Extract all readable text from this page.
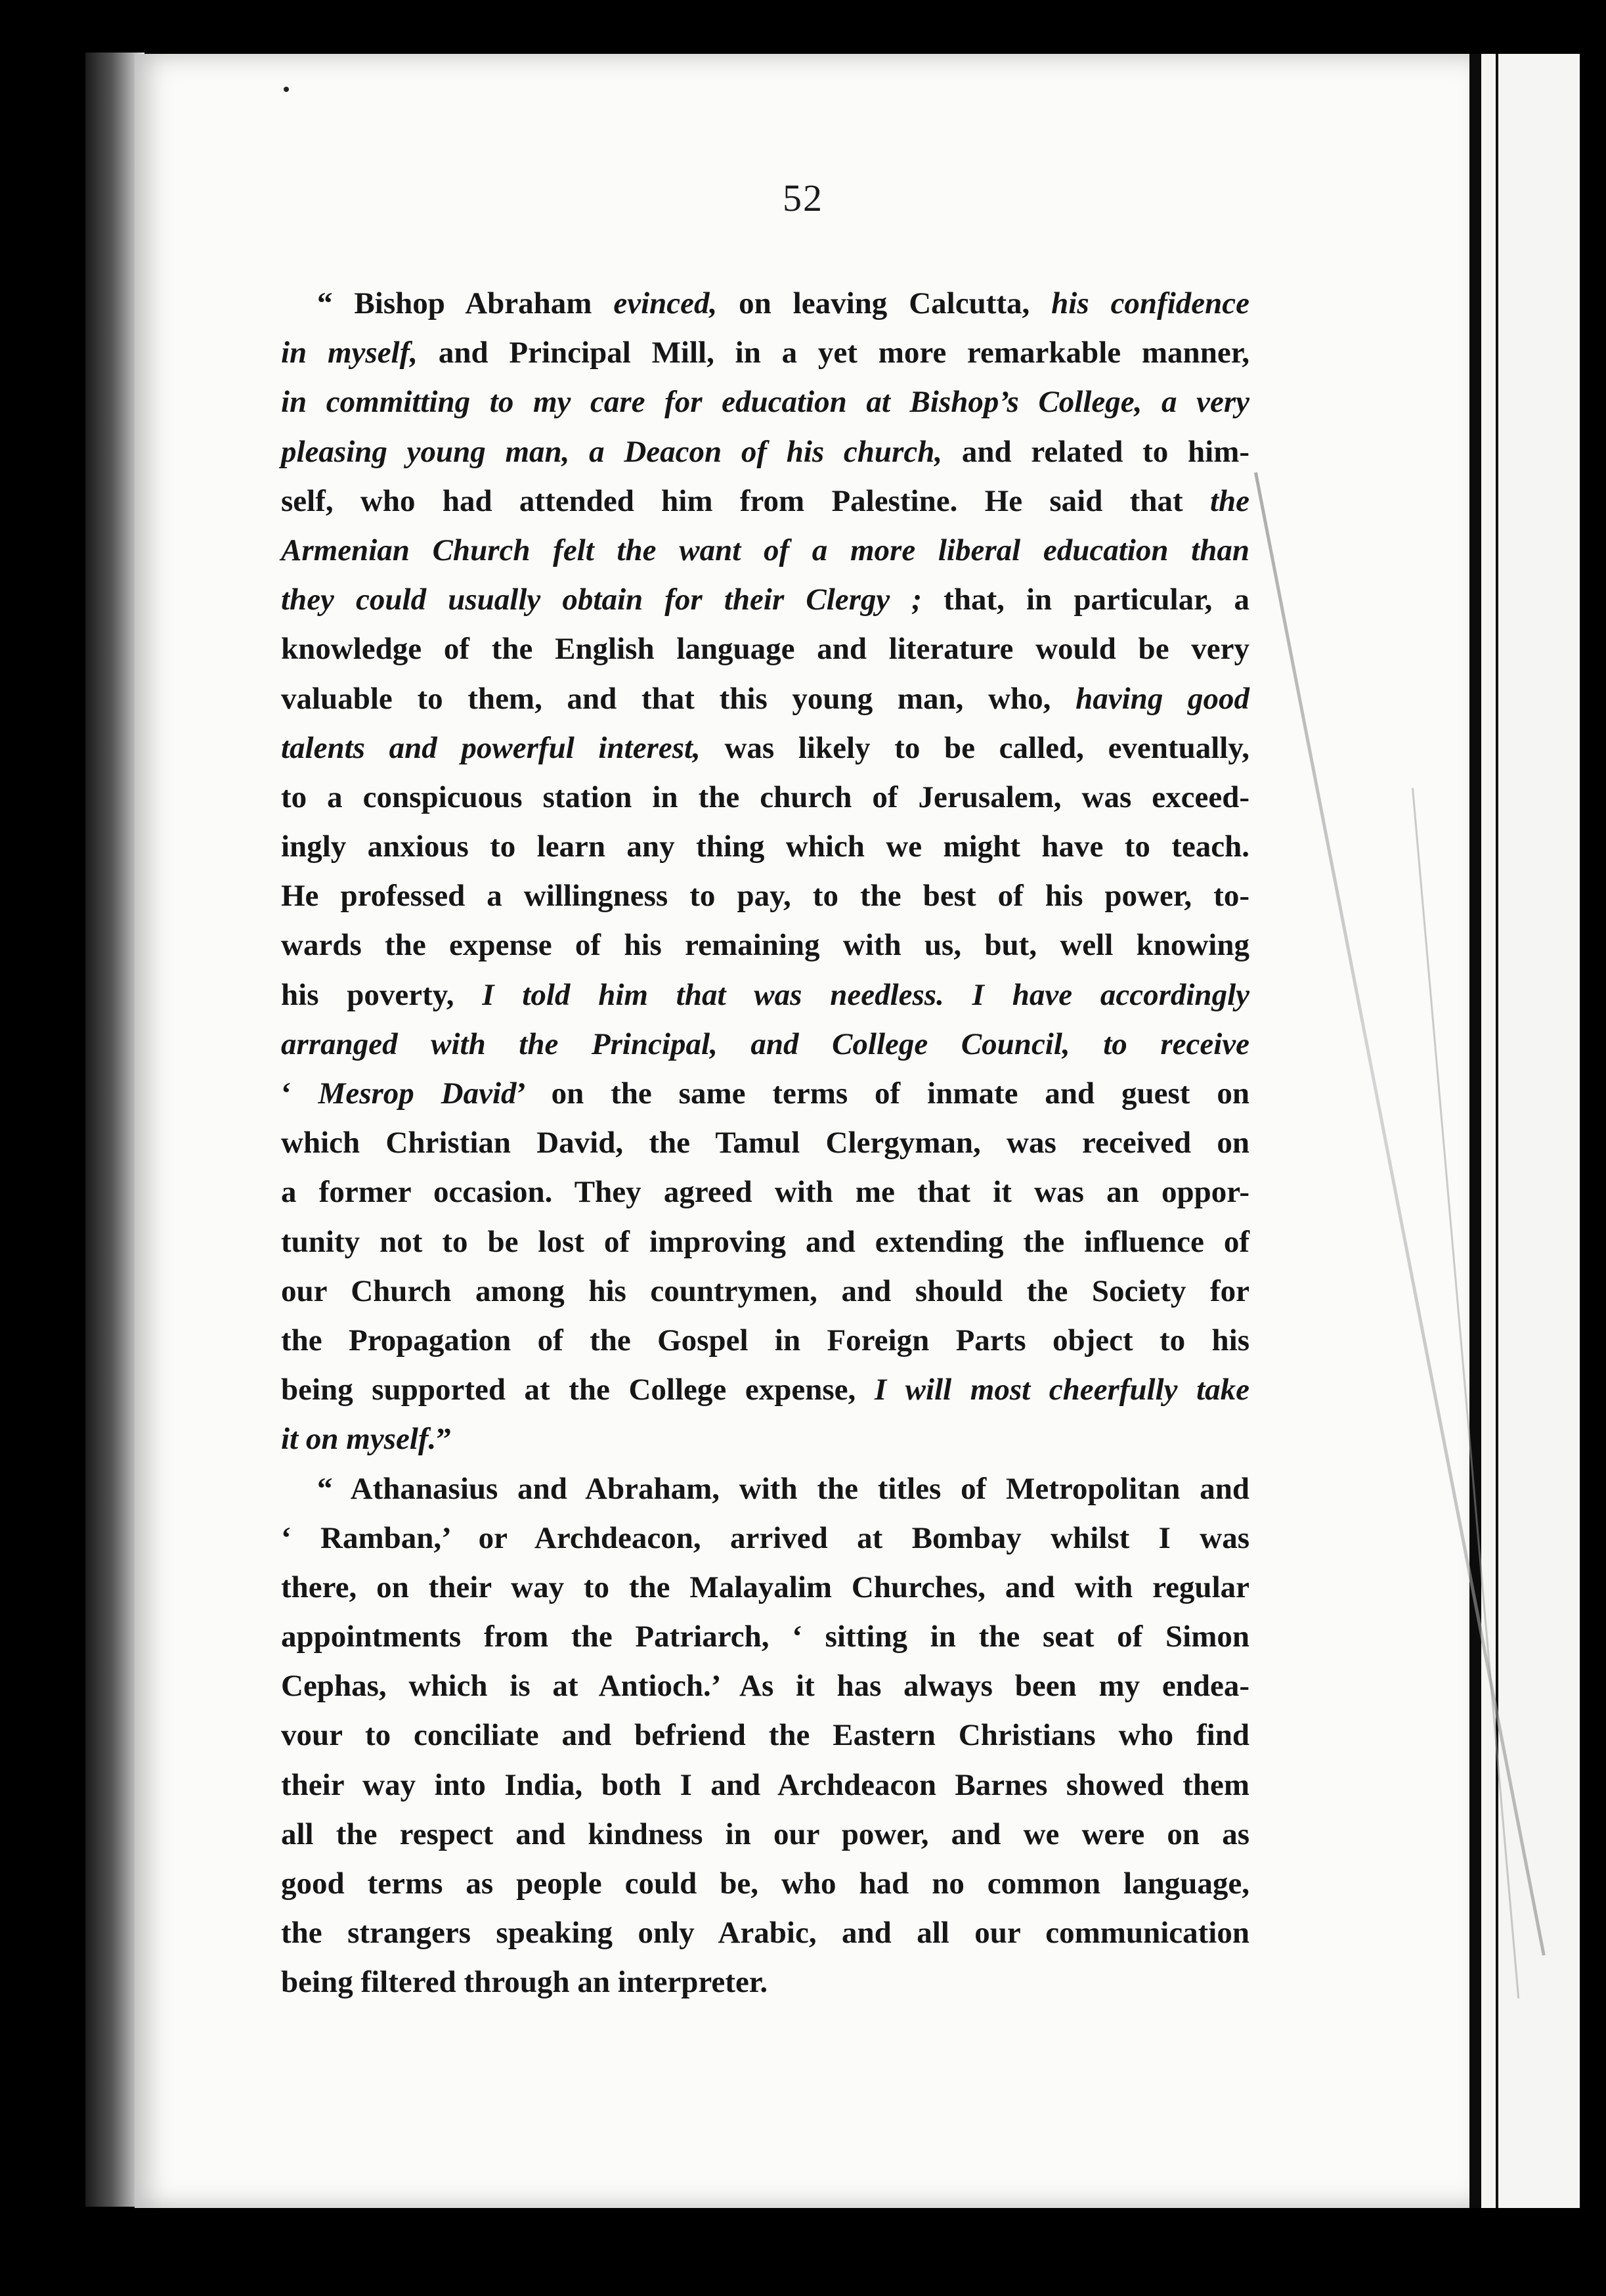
52
“ Bishop Abraham evinced, on leaving Calcutta, his confidence
in myself, and Principal Mill, in a yet more remarkable manner,
in committing to my care for education at Bishop’s College, a very
pleasing young man, a Deacon of his church, and related to him-
self, who had attended him from Palestine. He said that the
Armenian Church felt the want of a more liberal education than
they could usually obtain for their Clergy ; that, in particular, a
knowledge of the English language and literature would be very
valuable to them, and that this young man, who, having good
talents and powerful interest, was likely to be called, eventually,
to a conspicuous station in the church of Jerusalem, was exceed-
ingly anxious to learn any thing which we might have to teach.
He professed a willingness to pay, to the best of his power, to-
wards the expense of his remaining with us, but, well knowing
his poverty, I told him that was needless. I have accordingly
arranged with the Principal, and College Council, to receive
‘ Mesrop David’ on the same terms of inmate and guest on
which Christian David, the Tamul Clergyman, was received on
a former occasion. They agreed with me that it was an oppor-
tunity not to be lost of improving and extending the influence of
our Church among his countrymen, and should the Society for
the Propagation of the Gospel in Foreign Parts object to his
being supported at the College expense, I will most cheerfully take
it on myself.”
“ Athanasius and Abraham, with the titles of Metropolitan and
‘ Ramban,’ or Archdeacon, arrived at Bombay whilst I was
there, on their way to the Malayalim Churches, and with regular
appointments from the Patriarch, ‘ sitting in the seat of Simon
Cephas, which is at Antioch.’ As it has always been my endea-
vour to conciliate and befriend the Eastern Christians who find
their way into India, both I and Archdeacon Barnes showed them
all the respect and kindness in our power, and we were on as
good terms as people could be, who had no common language,
the strangers speaking only Arabic, and all our communication
being filtered through an interpreter.
